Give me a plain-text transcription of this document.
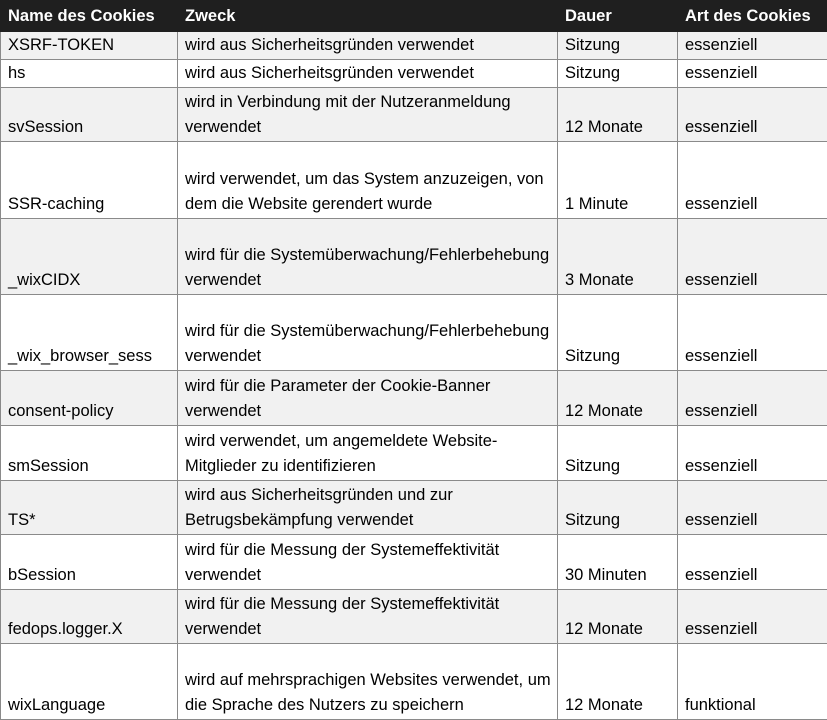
Name des Cookies	Zweck	Dauer	Art des Cookies
XSRF-TOKEN	wird aus Sicherheitsgründen verwendet	Sitzung	essenziell
hs	wird aus Sicherheitsgründen verwendet	Sitzung	essenziell
svSession	wird in Verbindung mit der Nutzeranmeldung verwendet	12 Monate	essenziell
SSR-caching	wird verwendet, um das System anzuzeigen, von dem die Website gerendert wurde	1 Minute	essenziell
_wixCIDX	wird für die Systemüberwachung/Fehlerbehebung verwendet	3 Monate	essenziell
_wix_browser_sess	wird für die Systemüberwachung/Fehlerbehebung verwendet	Sitzung	essenziell
consent-policy	wird für die Parameter der Cookie-Banner verwendet	12 Monate	essenziell
smSession	wird verwendet, um angemeldete Website-Mitglieder zu identifizieren	Sitzung	essenziell
TS*	wird aus Sicherheitsgründen und zur Betrugsbekämpfung verwendet	Sitzung	essenziell
bSession	wird für die Messung der Systemeffektivität verwendet	30 Minuten	essenziell
fedops.logger.X	wird für die Messung der Systemeffektivität verwendet	12 Monate	essenziell
wixLanguage	wird auf mehrsprachigen Websites verwendet, um die Sprache des Nutzers zu speichern	12 Monate	funktional
